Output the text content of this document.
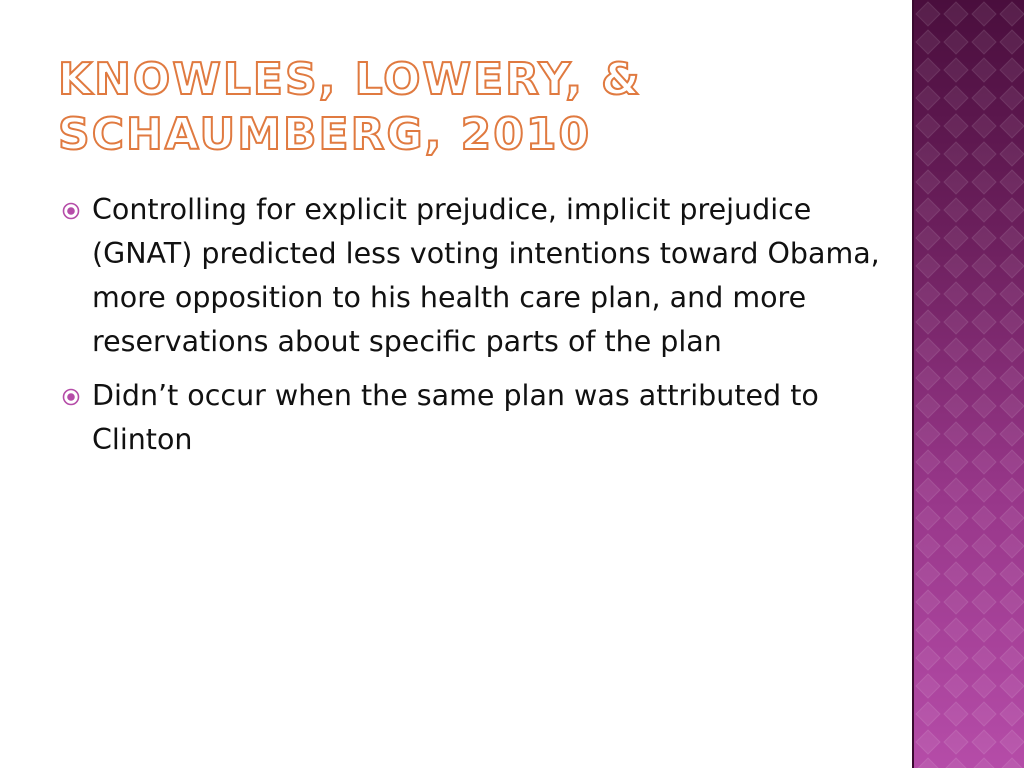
KNOWLES, LOWERY, & SCHAUMBERG, 2010
Controlling for explicit prejudice, implicit prejudice (GNAT) predicted less voting intentions toward Obama, more opposition to his health care plan, and more reservations about specific parts of the plan
Didn’t occur when the same plan was attributed to Clinton
